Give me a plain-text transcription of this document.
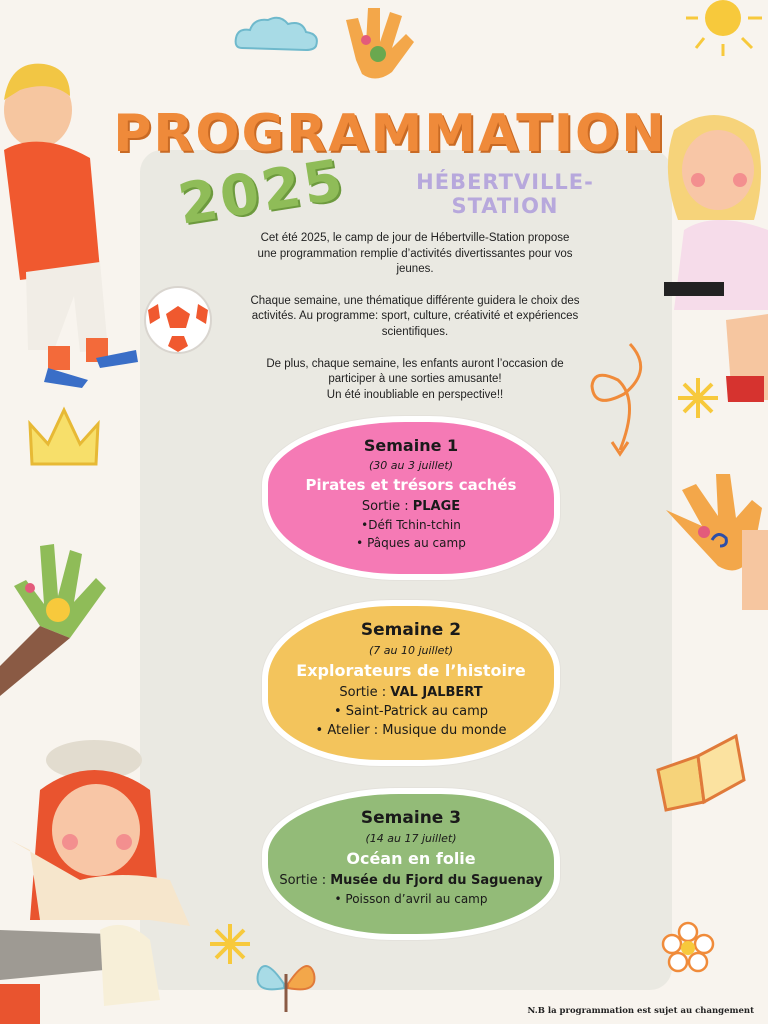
PROGRAMMATION
2025	HÉBERTVILLE-STATION

Cet été 2025, le camp de jour de Hébertville-Station propose une programmation remplie d’activités divertissantes pour vos jeunes.

Chaque semaine, une thématique différente guidera le choix des activités. Au programme: sport, culture, créativité et expériences scientifiques.

De plus, chaque semaine, les enfants auront l’occasion de participer à une sorties amusante!
Un été inoubliable en perspective!!

Semaine 1
(30 au 3 juillet)
Pirates et trésors cachés
Sortie : PLAGE
•Défi Tchin-tchin
• Pâques au camp
Semaine 2
(7 au 10 juillet)
Explorateurs de l’histoire
Sortie : VAL JALBERT
• Saint-Patrick au camp
• Atelier : Musique du monde
Semaine 3
(14 au 17 juillet)
Océan en folie
Sortie : Musée du Fjord du Saguenay
• Poisson d’avril au camp
N.B la programmation est sujet au changement
